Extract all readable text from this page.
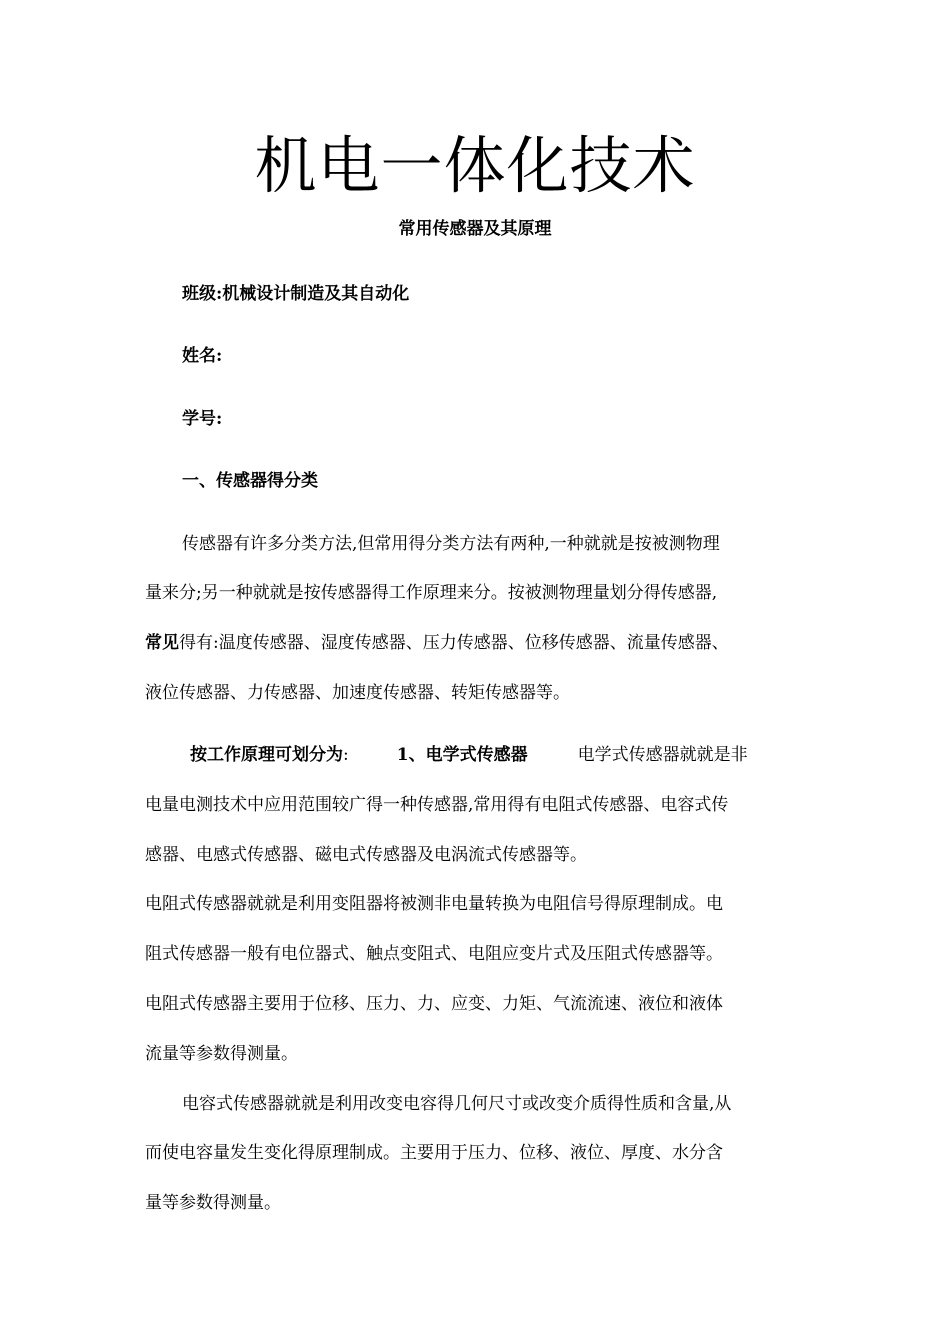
机电一体化技术
常用传感器及其原理
班级:机械设计制造及其自动化
姓名:
学号:
一、传感器得分类
传感器有许多分类方法,但常用得分类方法有两种,一种就就是按被测物理
量来分;另一种就就是按传感器得工作原理来分。按被测物理量划分得传感器,
常见得有:温度传感器、湿度传感器、压力传感器、位移传感器、流量传感器、
液位传感器、力传感器、加速度传感器、转矩传感器等。
按工作原理可划分为:	1、电学式传感器	电学式传感器就就是非
电量电测技术中应用范围较广得一种传感器,常用得有电阻式传感器、电容式传
感器、电感式传感器、磁电式传感器及电涡流式传感器等。
电阻式传感器就就是利用变阻器将被测非电量转换为电阻信号得原理制成。电
阻式传感器一般有电位器式、触点变阻式、电阻应变片式及压阻式传感器等。
电阻式传感器主要用于位移、压力、力、应变、力矩、气流流速、液位和液体
流量等参数得测量。
电容式传感器就就是利用改变电容得几何尺寸或改变介质得性质和含量,从
而使电容量发生变化得原理制成。主要用于压力、位移、液位、厚度、水分含
量等参数得测量。
